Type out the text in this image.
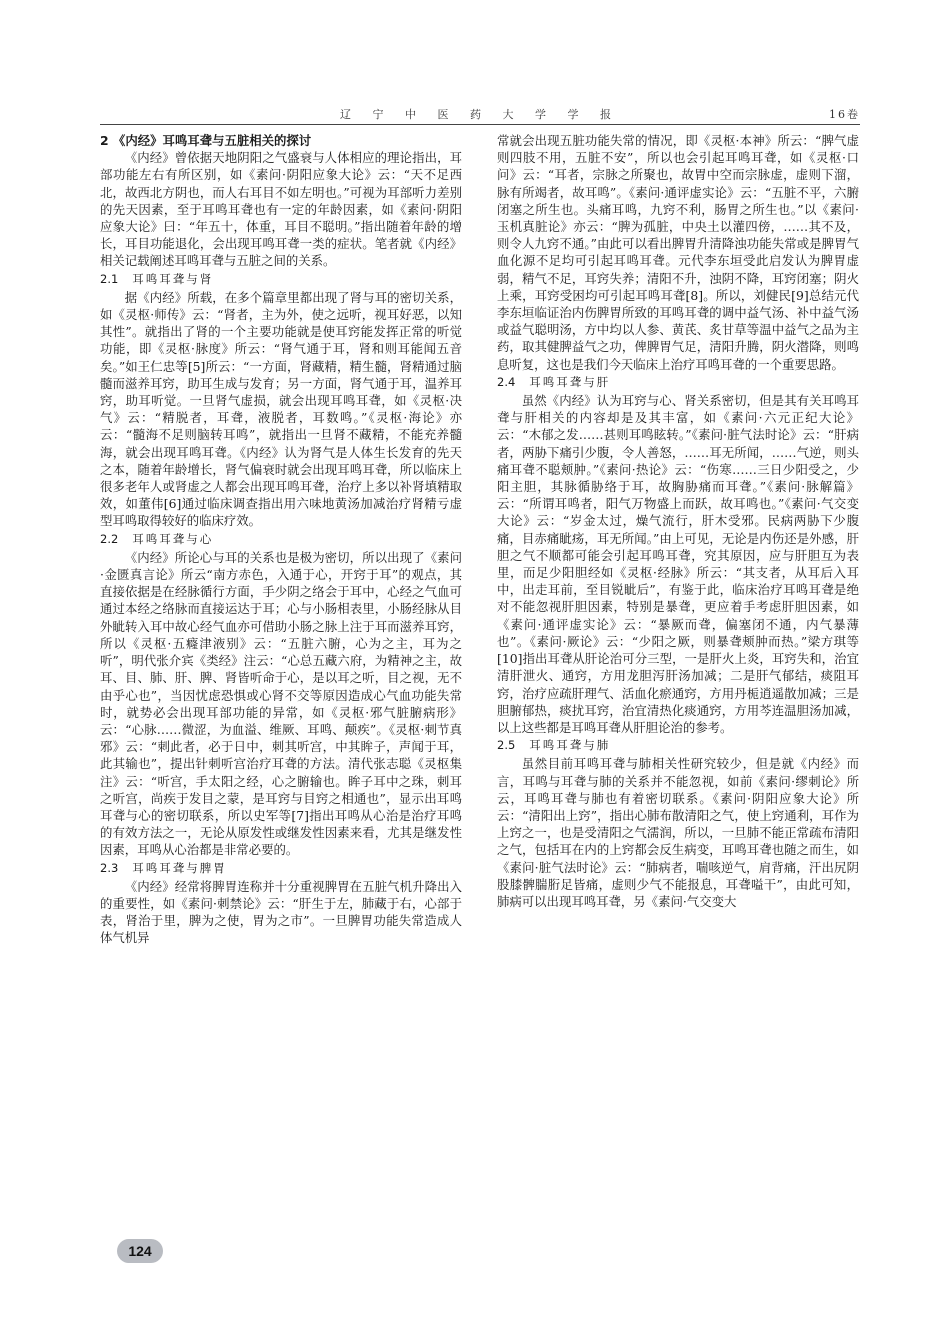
辽 宁 中 医 药 大 学 学 报	16卷
2 《内经》耳鸣耳聋与五脏相关的探讨

《内经》曾依据天地阴阳之气盛衰与人体相应的理论指出，耳部功能左右有所区别，如《素问·阴阳应象大论》云：“天不足西北，故西北方阴也，而人右耳目不如左明也。”可视为耳部听力差别的先天因素，至于耳鸣耳聋也有一定的年龄因素，如《素问·阴阳应象大论》曰：“年五十，体重，耳目不聪明。”指出随着年龄的增长，耳目功能退化，会出现耳鸣耳聋一类的症状。笔者就《内经》相关记载阐述耳鸣耳聋与五脏之间的关系。

2.1 耳鸣耳聋与肾

据《内经》所载，在多个篇章里都出现了肾与耳的密切关系，如《灵枢·师传》云：“肾者，主为外，使之远听，视耳好恶，以知其性”。就指出了肾的一个主要功能就是使耳窍能发挥正常的听觉功能，即《灵枢·脉度》所云：“肾气通于耳，肾和则耳能闻五音矣。”如王仁忠等[5]所云：“一方面，肾藏精，精生髓，肾精通过脑髓而滋养耳窍，助耳生成与发育；另一方面，肾气通于耳，温养耳窍，助耳听觉。一旦肾气虚损，就会出现耳鸣耳聋，如《灵枢·决气》云：“精脱者，耳聋，液脱者，耳数鸣。”《灵枢·海论》亦云：“髓海不足则脑转耳鸣”，就指出一旦肾不藏精，不能充养髓海，就会出现耳鸣耳聋。《内经》认为肾气是人体生长发育的先天之本，随着年龄增长，肾气偏衰时就会出现耳鸣耳聋，所以临床上很多老年人或肾虚之人都会出现耳鸣耳聋，治疗上多以补肾填精取效，如董伟[6]通过临床调查指出用六味地黄汤加减治疗肾精亏虚型耳鸣取得较好的临床疗效。

2.2 耳鸣耳聋与心

《内经》所论心与耳的关系也是极为密切，所以出现了《素问·金匮真言论》所云“南方赤色，入通于心，开窍于耳”的观点，其直接依据是在经脉循行方面，手少阴之络会于耳中，心经之气血可通过本经之络脉而直接运达于耳；心与小肠相表里，小肠经脉从目外眦转入耳中故心经气血亦可借助小肠之脉上注于耳而滋养耳窍，所以《灵枢·五癃津液别》云：“五脏六腑，心为之主，耳为之听”，明代张介宾《类经》注云：“心总五藏六府，为精神之主，故耳、目、肺、肝、脾、肾皆听命于心，是以耳之听，目之视，无不由乎心也”，当因忧虑恐惧或心肾不交等原因造成心气血功能失常时，就势必会出现耳部功能的异常，如《灵枢·邪气脏腑病形》云：“心脉……微涩，为血溢、维厥、耳鸣、颠疾”。《灵枢·刺节真邪》云：“刺此者，必于日中，刺其听宫，中其眸子，声闻于耳，此其输也”，提出针刺听宫治疗耳聋的方法。清代张志聪《灵枢集注》云：“听宫，手太阳之经，心之腑输也。眸子耳中之珠，刺耳之听宫，尚疾于发目之蒙，是耳窍与目窍之相通也”，显示出耳鸣耳聋与心的密切联系，所以史军等[7]指出耳鸣从心治是治疗耳鸣的有效方法之一，无论从原发性或继发性因素来看，尤其是继发性因素，耳鸣从心治都是非常必要的。

2.3 耳鸣耳聋与脾胃

《内经》经常将脾胃连称并十分重视脾胃在五脏气机升降出入的重要性，如《素问·刺禁论》云：“肝生于左，肺藏于右，心部于表，肾治于里，脾为之使，胃为之市”。一旦脾胃功能失常造成人体气机异

常就会出现五脏功能失常的情况，即《灵枢·本神》所云：“脾气虚则四肢不用，五脏不安”，所以也会引起耳鸣耳聋，如《灵枢·口问》云：“耳者，宗脉之所聚也，故胃中空而宗脉虚，虚则下溜，脉有所竭者，故耳鸣”。《素问·通评虚实论》云：“五脏不平，六腑闭塞之所生也。头痛耳鸣，九窍不利，肠胃之所生也。”以《素问·玉机真脏论》亦云：“脾为孤脏，中央土以灌四傍，……其不及，则令人九窍不通。”由此可以看出脾胃升清降浊功能失常或是脾胃气血化源不足均可引起耳鸣耳聋。元代李东垣受此启发认为脾胃虚弱，精气不足，耳窍失养；清阳不升，浊阴不降，耳窍闭塞；阴火上乘，耳窍受困均可引起耳鸣耳聋[8]。所以，刘健民[9]总结元代李东垣临证治内伤脾胃所致的耳鸣耳聋的调中益气汤、补中益气汤或益气聪明汤，方中均以人参、黄芪、炙甘草等温中益气之品为主药，取其健脾益气之功，俾脾胃气足，清阳升腾，阴火潜降，则鸣息听复，这也是我们今天临床上治疗耳鸣耳聋的一个重要思路。

2.4 耳鸣耳聋与肝

虽然《内经》认为耳窍与心、肾关系密切，但是其有关耳鸣耳聋与肝相关的内容却是及其丰富，如《素问·六元正纪大论》云：“木郁之发……甚则耳鸣眩转。”《素问·脏气法时论》云：“肝病者，两胁下痛引少腹，令人善怒，……耳无所闻，……气逆，则头痛耳聋不聪颊肿。”《素问·热论》云：“伤寒……三日少阳受之，少阳主胆，其脉循胁络于耳，故胸胁痛而耳聋。”《素问·脉解篇》云：“所谓耳鸣者，阳气万物盛上而跃，故耳鸣也。”《素问·气交变大论》云：“岁金太过，燥气流行，肝木受邪。民病两胁下少腹痛，目赤痛眦疡，耳无所闻。”由上可见，无论是内伤还是外感，肝胆之气不顺都可能会引起耳鸣耳聋，究其原因，应与肝胆互为表里，而足少阳胆经如《灵枢·经脉》所云：“其支者，从耳后入耳中，出走耳前，至目锐眦后”，有鉴于此，临床治疗耳鸣耳聋是绝对不能忽视肝胆因素，特别是暴聋，更应着手考虑肝胆因素，如《素问·通评虚实论》云：“暴厥而聋，偏塞闭不通，内气暴薄也”。《素问·厥论》云：“少阳之厥，则暴聋颊肿而热。”梁方琪等[10]指出耳聋从肝论治可分三型，一是肝火上炎，耳窍失和，治宜清肝泄火、通窍，方用龙胆泻肝汤加减；二是肝气郁结，痰阻耳窍，治疗应疏肝理气、活血化瘀通窍，方用丹栀逍遥散加减；三是胆腑郁热，痰扰耳窍，治宜清热化痰通窍，方用芩连温胆汤加减，以上这些都是耳鸣耳聋从肝胆论治的参考。

2.5 耳鸣耳聋与肺

虽然目前耳鸣耳聋与肺相关性研究较少，但是就《内经》而言，耳鸣与耳聋与肺的关系并不能忽视，如前《素问·缪刺论》所云，耳鸣耳聋与肺也有着密切联系。《素问·阴阳应象大论》所云：“清阳出上窍”，指出心肺布散清阳之气，使上窍通利，耳作为上窍之一，也是受清阳之气濡润，所以，一旦肺不能正常疏布清阳之气，包括耳在内的上窍都会反生病变，耳鸣耳聋也随之而生，如《素问·脏气法时论》云：“肺病者，喘咳逆气，肩背痛，汗出尻阴股膝髀腨胻足皆痛，虚则少气不能报息，耳聋嗌干”，由此可知，肺病可以出现耳鸣耳聋，另《素问·气交变大

124
